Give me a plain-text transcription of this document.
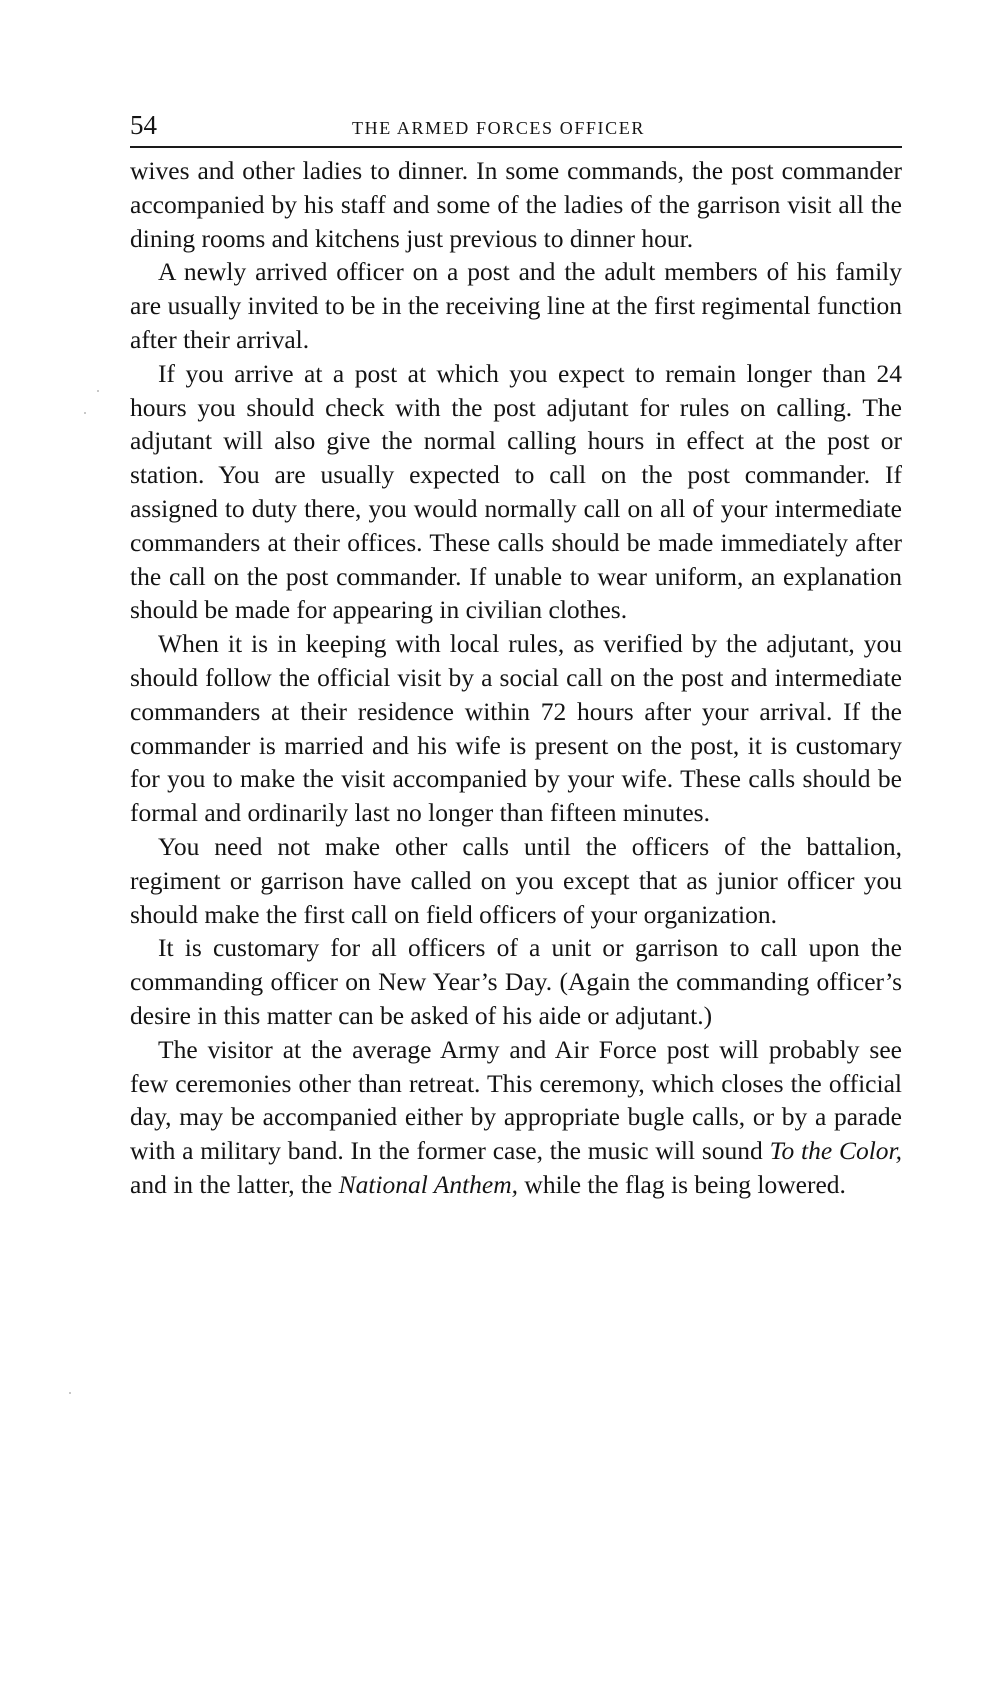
54	THE ARMED FORCES OFFICER

wives and other ladies to dinner. In some commands, the post commander accompanied by his staff and some of the ladies of the garrison visit all the dining rooms and kitchens just previous to dinner hour.

A newly arrived officer on a post and the adult members of his family are usually invited to be in the receiving line at the first regimental function after their arrival.

If you arrive at a post at which you expect to remain longer than 24 hours you should check with the post adjutant for rules on calling. The adjutant will also give the normal calling hours in effect at the post or station. You are usually expected to call on the post commander. If assigned to duty there, you would normally call on all of your intermediate commanders at their offices. These calls should be made immediately after the call on the post commander. If unable to wear uniform, an explanation should be made for appearing in civilian clothes.

When it is in keeping with local rules, as verified by the adjutant, you should follow the official visit by a social call on the post and intermediate commanders at their residence within 72 hours after your arrival. If the commander is married and his wife is present on the post, it is customary for you to make the visit accompanied by your wife. These calls should be formal and ordinarily last no longer than fifteen minutes.

You need not make other calls until the officers of the battalion, regiment or garrison have called on you except that as junior officer you should make the first call on field officers of your organization.

It is customary for all officers of a unit or garrison to call upon the commanding officer on New Year’s Day. (Again the commanding officer’s desire in this matter can be asked of his aide or adjutant.)

The visitor at the average Army and Air Force post will probably see few ceremonies other than retreat. This ceremony, which closes the official day, may be accompanied either by appropriate bugle calls, or by a parade with a military band. In the former case, the music will sound To the Color, and in the latter, the National Anthem, while the flag is being lowered.
